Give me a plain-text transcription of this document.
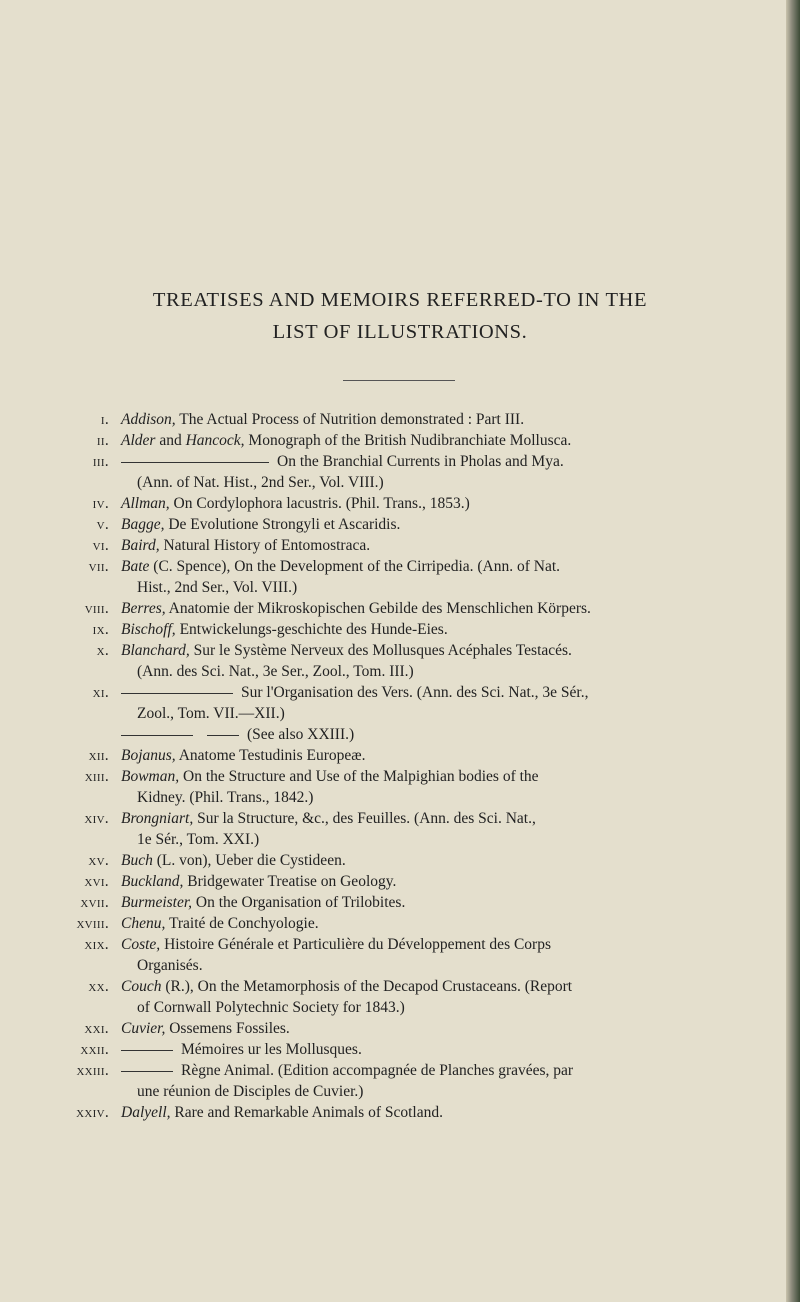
TREATISES AND MEMOIRS REFERRED-TO IN THE
LIST OF ILLUSTRATIONS.
i. Addison, The Actual Process of Nutrition demonstrated : Part III.
ii. Alder and Hancock, Monograph of the British Nudibranchiate Mollusca.
iii.	On the Branchial Currents in Pholas and Mya.
(Ann. of Nat. Hist., 2nd Ser., Vol. VIII.)
iv. Allman, On Cordylophora lacustris. (Phil. Trans., 1853.)
v. Bagge, De Evolutione Strongyli et Ascaridis.
vi. Baird, Natural History of Entomostraca.
vii. Bate (C. Spence), On the Development of the Cirripedia. (Ann. of Nat.
Hist., 2nd Ser., Vol. VIII.)
viii. Berres, Anatomie der Mikroskopischen Gebilde des Menschlichen Körpers.
ix. Bischoff, Entwickelungs-geschichte des Hunde-Eies.
x. Blanchard, Sur le Système Nerveux des Mollusques Acéphales Testacés.
(Ann. des Sci. Nat., 3e Ser., Zool., Tom. III.)
xi.	Sur l'Organisation des Vers. (Ann. des Sci. Nat., 3e Sér.,
Zool., Tom. VII.—XII.)
(See also XXIII.)
xii. Bojanus, Anatome Testudinis Europeæ.
xiii. Bowman, On the Structure and Use of the Malpighian bodies of the
Kidney. (Phil. Trans., 1842.)
xiv. Brongniart, Sur la Structure, &c., des Feuilles. (Ann. des Sci. Nat.,
1e Sér., Tom. XXI.)
xv. Buch (L. von), Ueber die Cystideen.
xvi. Buckland, Bridgewater Treatise on Geology.
xvii. Burmeister, On the Organisation of Trilobites.
xviii. Chenu, Traité de Conchyologie.
xix. Coste, Histoire Générale et Particulière du Développement des Corps
Organisés.
xx. Couch (R.), On the Metamorphosis of the Decapod Crustaceans. (Report
of Cornwall Polytechnic Society for 1843.)
xxi. Cuvier, Ossemens Fossiles.
xxii.	Mémoires ur les Mollusques.
xxiii.	Règne Animal. (Edition accompagnée de Planches gravées, par
une réunion de Disciples de Cuvier.)
xxiv. Dalyell, Rare and Remarkable Animals of Scotland.
